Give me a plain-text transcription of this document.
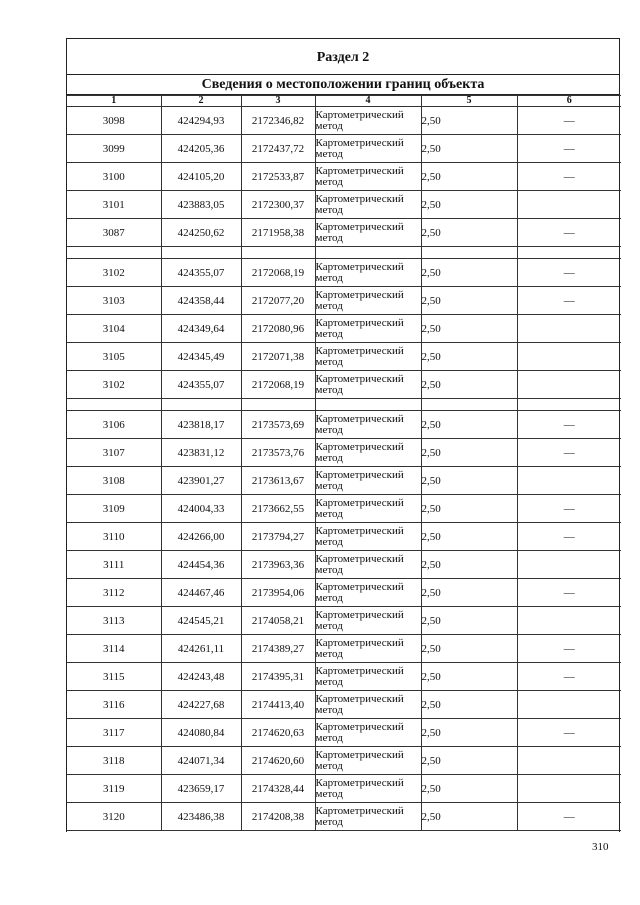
Раздел 2
Сведения о местоположении границ объекта
1	2	3	4	5	6
3098	424294,93	2172346,82	Картометрический метод	2,50	—
3099	424205,36	2172437,72	Картометрический метод	2,50	—
3100	424105,20	2172533,87	Картометрический метод	2,50	—
3101	423883,05	2172300,37	Картометрический метод	2,50	
3087	424250,62	2171958,38	Картометрический метод	2,50	—

3102	424355,07	2172068,19	Картометрический метод	2,50	—
3103	424358,44	2172077,20	Картометрический метод	2,50	—
3104	424349,64	2172080,96	Картометрический метод	2,50	
3105	424345,49	2172071,38	Картометрический метод	2,50	
3102	424355,07	2172068,19	Картометрический метод	2,50	

3106	423818,17	2173573,69	Картометрический метод	2,50	—
3107	423831,12	2173573,76	Картометрический метод	2,50	—
3108	423901,27	2173613,67	Картометрический метод	2,50	
3109	424004,33	2173662,55	Картометрический метод	2,50	—
3110	424266,00	2173794,27	Картометрический метод	2,50	—
3111	424454,36	2173963,36	Картометрический метод	2,50	
3112	424467,46	2173954,06	Картометрический метод	2,50	—
3113	424545,21	2174058,21	Картометрический метод	2,50	
3114	424261,11	2174389,27	Картометрический метод	2,50	—
3115	424243,48	2174395,31	Картометрический метод	2,50	—
3116	424227,68	2174413,40	Картометрический метод	2,50	
3117	424080,84	2174620,63	Картометрический метод	2,50	—
3118	424071,34	2174620,60	Картометрический метод	2,50	
3119	423659,17	2174328,44	Картометрический метод	2,50	
3120	423486,38	2174208,38	Картометрический метод	2,50	—
310
